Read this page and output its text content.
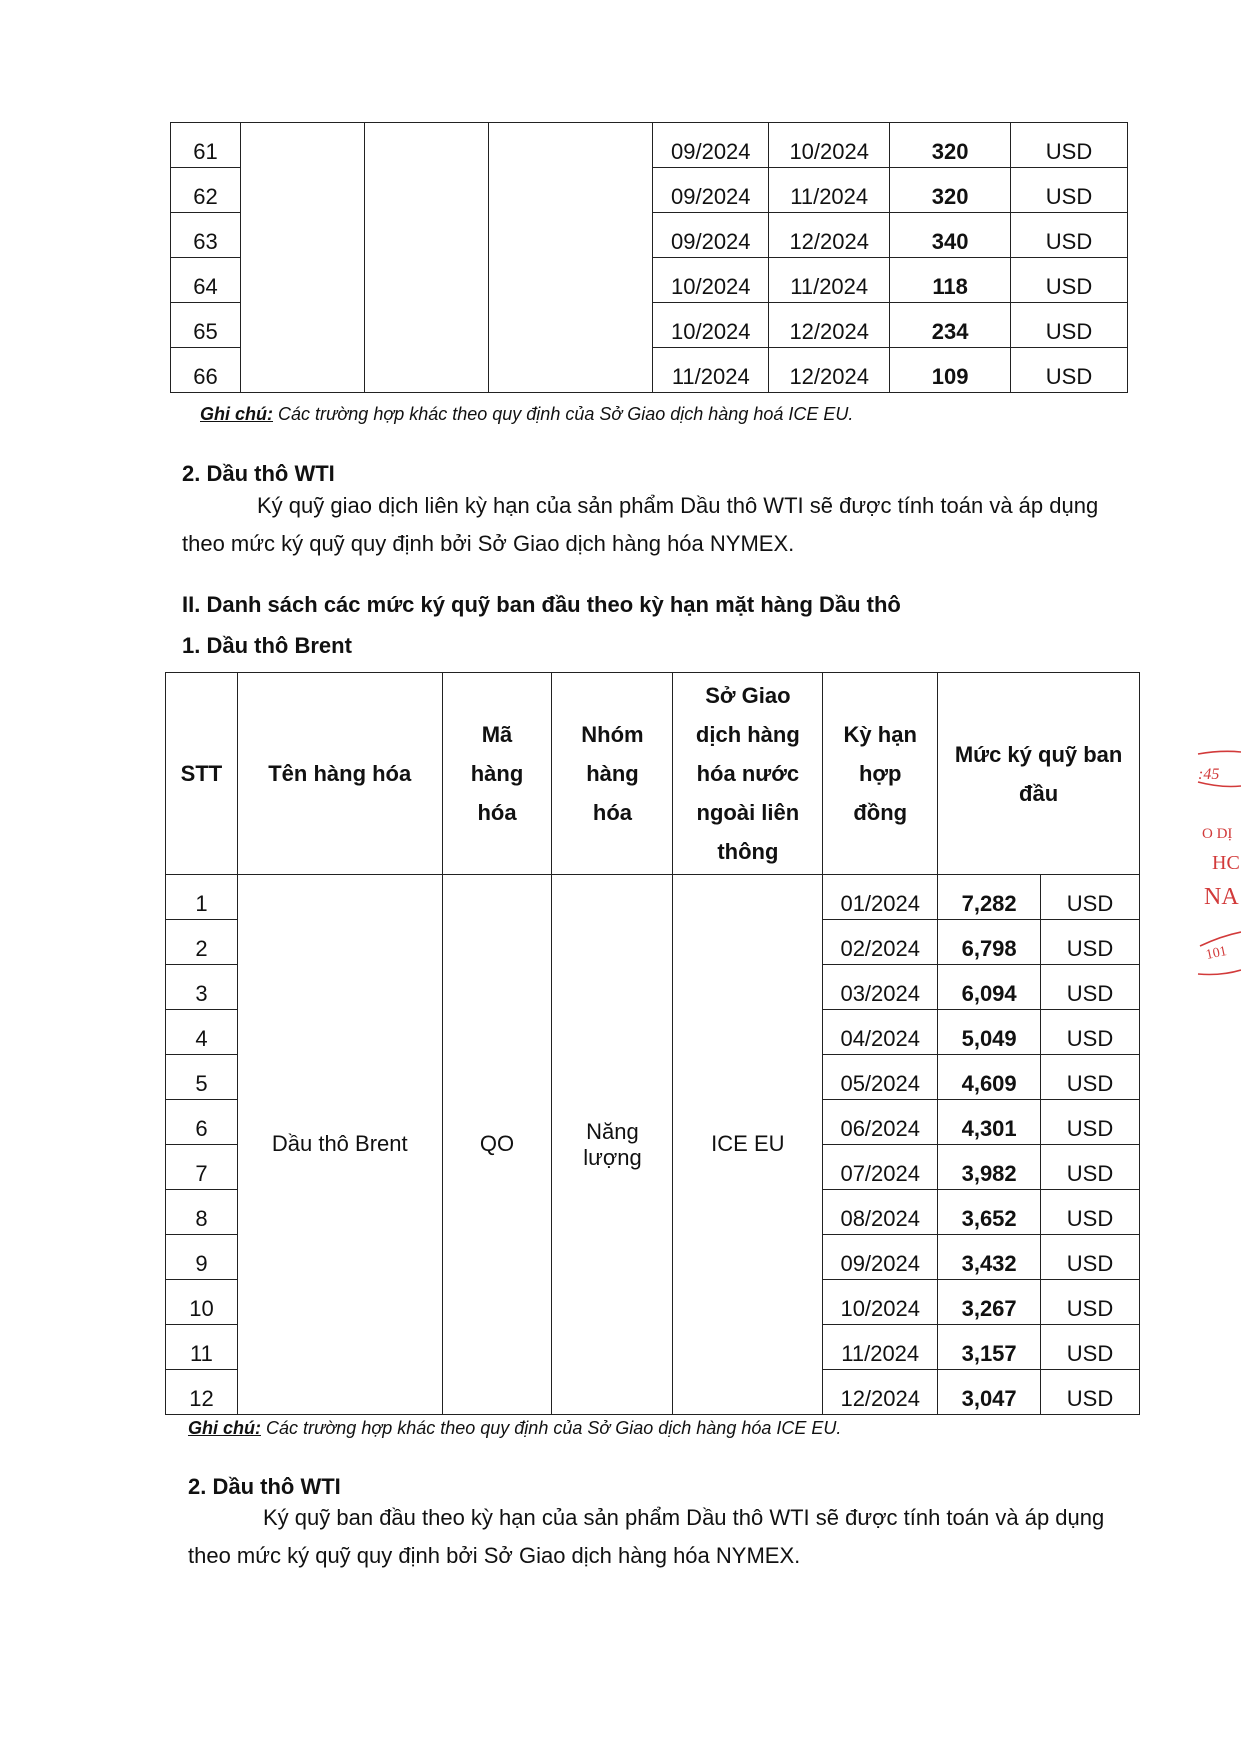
61				09/2024	10/2024	320	USD
62				09/2024	11/2024	320	USD
63				09/2024	12/2024	340	USD
64				10/2024	11/2024	118	USD
65				10/2024	12/2024	234	USD
66				11/2024	12/2024	109	USD
Ghi chú: Các trường hợp khác theo quy định của Sở Giao dịch hàng hoá ICE EU.
2. Dầu thô WTI
Ký quỹ giao dịch liên kỳ hạn của sản phẩm Dầu thô WTI sẽ được tính toán và áp dụng
theo mức ký quỹ quy định bởi Sở Giao dịch hàng hóa NYMEX.
II. Danh sách các mức ký quỹ ban đầu theo kỳ hạn mặt hàng Dầu thô
1. Dầu thô Brent
STT	Tên hàng hóa	Mã hàng hóa	Nhóm hàng hóa	Sở Giao dịch hàng hóa nước ngoài liên thông	Kỳ hạn hợp đồng	Mức ký quỹ ban đầu	
1	Dầu thô Brent	QO	Năng lượng	ICE EU	01/2024	7,282	USD
2					02/2024	6,798	USD
3					03/2024	6,094	USD
4					04/2024	5,049	USD
5					05/2024	4,609	USD
6					06/2024	4,301	USD
7					07/2024	3,982	USD
8					08/2024	3,652	USD
9					09/2024	3,432	USD
10					10/2024	3,267	USD
11					11/2024	3,157	USD
12					12/2024	3,047	USD
Ghi chú: Các trường hợp khác theo quy định của Sở Giao dịch hàng hóa ICE EU.
2. Dầu thô WTI
Ký quỹ ban đầu theo kỳ hạn của sản phẩm Dầu thô WTI sẽ được tính toán và áp dụng
theo mức ký quỹ quy định bởi Sở Giao dịch hàng hóa NYMEX.
:45
O DỊ
HC
NA
101
